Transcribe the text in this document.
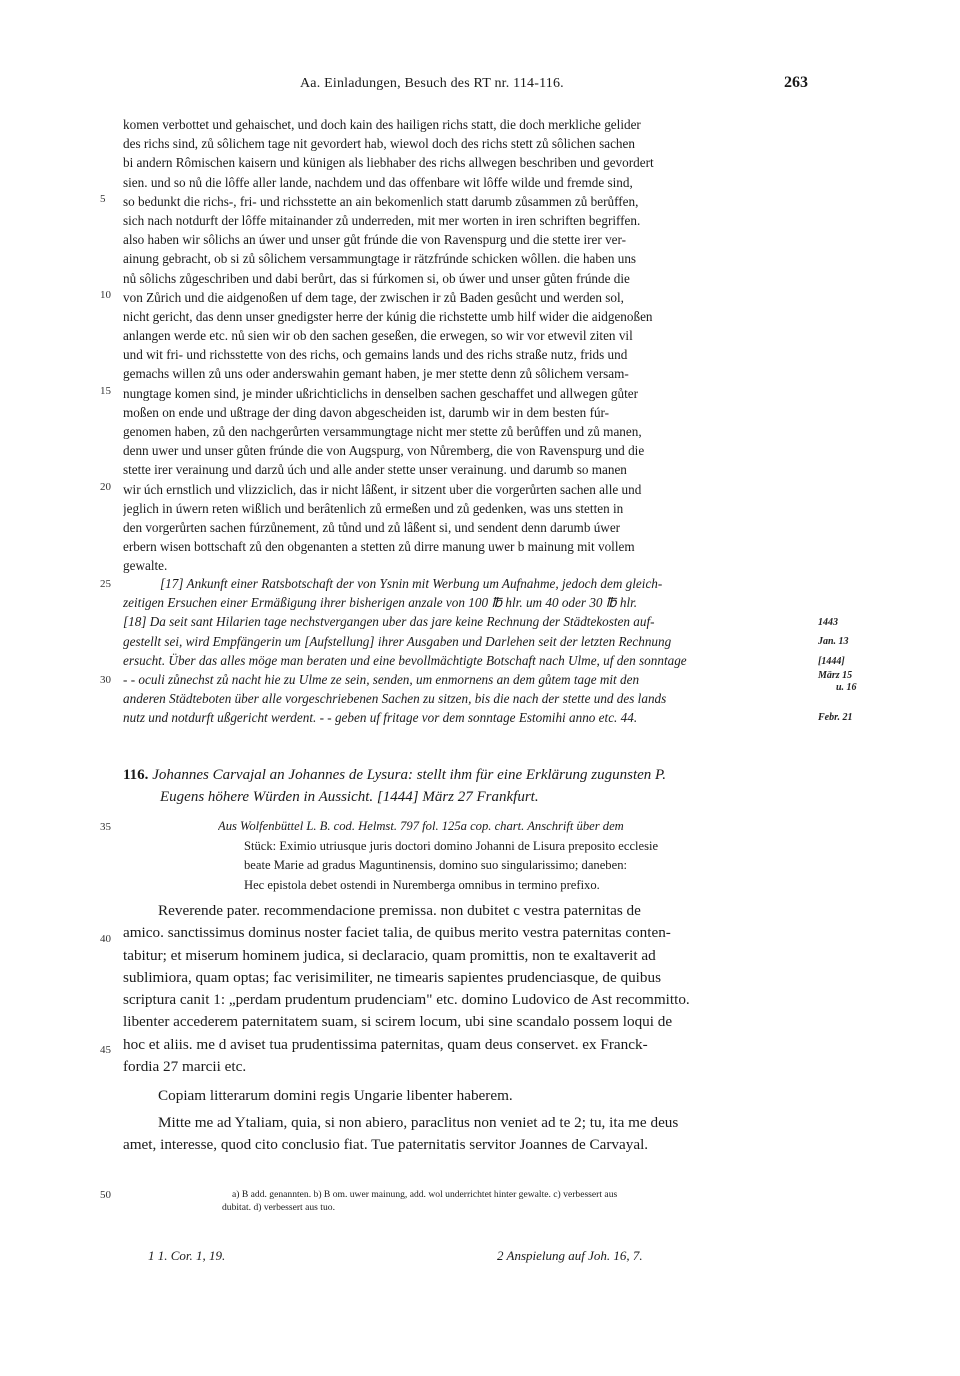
Aa. Einladungen, Besuch des RT nr. 114-116.	263
komen verbottet und gehaischet, und doch kain des hailigen richs statt, die doch merkliche gelider
des richs sind, zů sôlichem tage nit gevordert hab, wiewol doch des richs stett zů sôlichen sachen
bi andern Rômischen kaisern und künigen als liebhaber des richs allwegen beschriben und gevordert
sien. und so nů die lôffe aller lande, nachdem und das offenbare wit lôffe wilde und fremde sind,
so bedunkt die richs-, fri- und richsstette an ain bekomenlich statt darumb zůsammen zů berůffen,
sich nach notdurft der lôffe mitainander zů underreden, mit mer worten in iren schriften begriffen.
also haben wir sôlichs an úwer und unser gůt frúnde die von Ravenspurg und die stette irer ver-
ainung gebracht, ob si zů sôlichem versammungtage ir rätzfrúnde schicken wôllen. die haben uns
nů sôlichs zůgeschriben und dabi berůrt, das si fúrkomen si, ob úwer und unser gůten frúnde die
von Zůrich und die aidgenoßen uf dem tage, der zwischen ir zů Baden gesůcht und werden sol,
nicht gericht, das denn unser gnedigster herre der kúnig die richstette umb hilf wider die aidgenoßen
anlangen werde etc. nů sien wir ob den sachen geseßen, die erwegen, so wir vor etwevil ziten vil
und wit fri- und richsstette von des richs, och gemains lands und des richs straße nutz, frids und
gemachs willen zů uns oder anderswahin gemant haben, je mer stette denn zů sôlichem versam-
nungtage komen sind, je minder ußrichticlichs in denselben sachen geschaffet und allwegen gůter
moßen on ende und ußtrage der ding davon abgescheiden ist, darumb wir in dem besten fúr-
genomen haben, zů den nachgerůrten versammungtage nicht mer stette zů berůffen und zů manen,
denn uwer und unser gůten frúnde die von Augspurg, von Nůremberg, die von Ravenspurg und die
stette irer verainung und darzů úch und alle ander stette unser verainung. und darumb so manen
wir úch ernstlich und vlizziclich, das ir nicht lâßent, ir sitzent uber die vorgerůrten sachen alle und
jeglich in úwern reten wißlich und berâtenlich zů ermeßen und zů gedenken, was uns stetten in
den vorgerůrten sachen fúrzůnement, zů tůnd und zů lâßent si, und sendent denn darumb úwer
erbern wisen bottschaft zů den obgenanten a stetten zů dirre manung uwer b mainung mit vollem
gewalte.
[17] Ankunft einer Ratsbotschaft der von Ysnin mit Werbung um Aufnahme, jedoch dem gleich-
zeitigen Ersuchen einer Ermäßigung ihrer bisherigen anzale von 100 ℔ hlr. um 40 oder 30 ℔ hlr.
[18] Da seit sant Hilarien tage nechstvergangen uber das jare keine Rechnung der Städtekosten auf-
gestellt sei, wird Empfängerin um [Aufstellung] ihrer Ausgaben und Darlehen seit der letzten Rechnung
ersucht. Über das alles möge man beraten und eine bevollmächtigte Botschaft nach Ulme, uf den sonntage
- - oculi zůnechst zů nacht hie zu Ulme ze sein, senden, um enmornens an dem gůtem tage mit den
anderen Städteboten über alle vorgeschriebenen Sachen zu sitzen, bis die nach der stette und des lands
nutz und notdurft ußgericht werdent. - - geben uf fritage vor dem sonntage Estomihi anno etc. 44.
5
10
15
20
25
30
35
40
45
50
1443
Jan. 13
[1444]
März 15
u. 16
Febr. 21
116. Johannes Carvajal an Johannes de Lysura: stellt ihm für eine Erklärung zugunsten P.
Eugens höhere Würden in Aussicht. [1444] März 27 Frankfurt.
Aus Wolfenbüttel L. B. cod. Helmst. 797 fol. 125a cop. chart. Anschrift über dem
Stück: Eximio utriusque juris doctori domino Johanni de Lisura preposito ecclesie
beate Marie ad gradus Maguntinensis, domino suo singularissimo; daneben:
Hec epistola debet ostendi in Nuremberga omnibus in termino prefixo.
Reverende pater. recommendacione premissa. non dubitet c vestra paternitas de
amico. sanctissimus dominus noster faciet talia, de quibus merito vestra paternitas conten-
tabitur; et miserum hominem judica, si declaracio, quam promittis, non te exaltaverit ad
sublimiora, quam optas; fac verisimiliter, ne timearis sapientes prudenciasque, de quibus
scriptura canit 1: „perdam prudentum prudenciam" etc. domino Ludovico de Ast recommitto.
libenter accederem paternitatem suam, si scirem locum, ubi sine scandalo possem loqui de
hoc et aliis. me d aviset tua prudentissima paternitas, quam deus conservet. ex Franck-
fordia 27 marcii etc.
Copiam litterarum domini regis Ungarie libenter haberem.
Mitte me ad Ytaliam, quia, si non abiero, paraclitus non veniet ad te 2; tu, ita me deus
amet, interesse, quod cito conclusio fiat. Tue paternitatis servitor Joannes de Carvayal.
a) B add. genannten. b) B om. uwer mainung, add. wol underrichtet hinter gewalte. c) verbessert aus
dubitat. d) verbessert aus tuo.
1 1. Cor. 1, 19.	2 Anspielung auf Joh. 16, 7.
